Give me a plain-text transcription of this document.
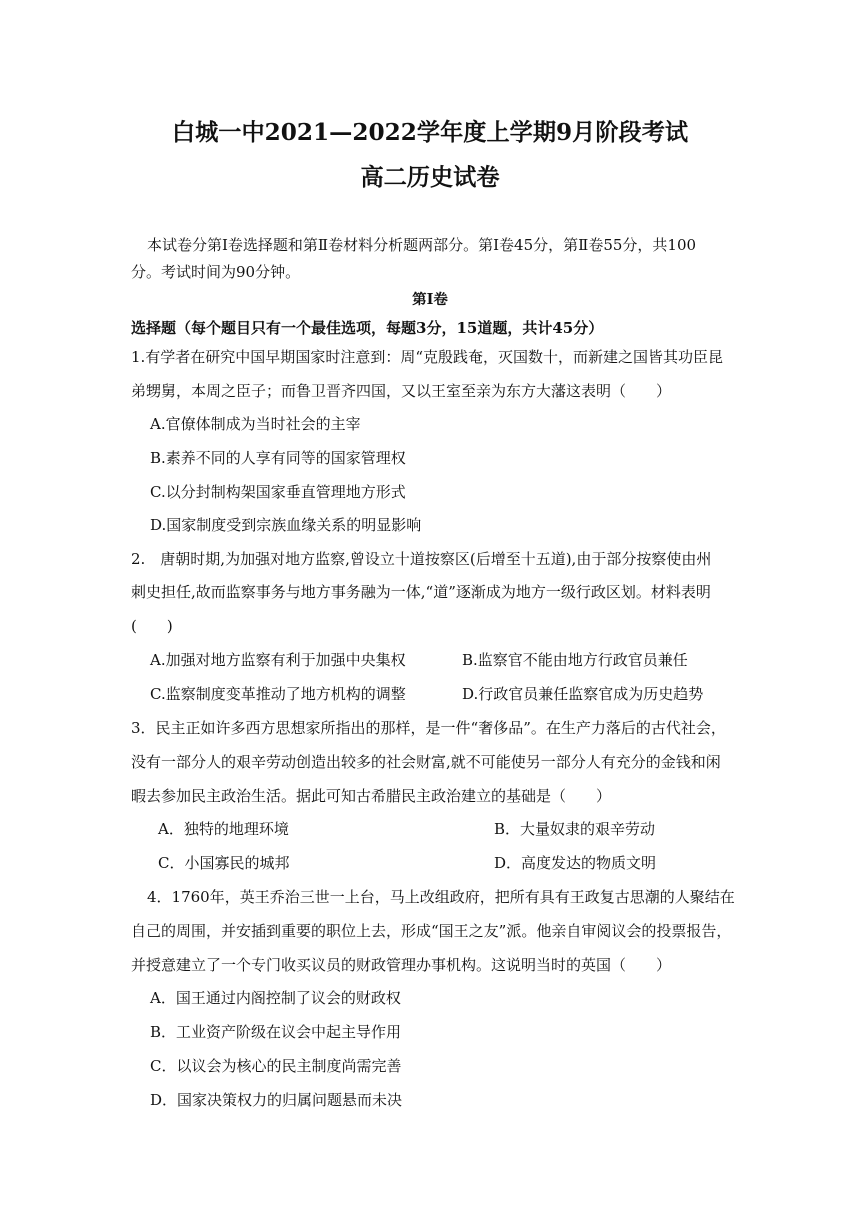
白城一中2021—2022学年度上学期9月阶段考试
高二历史试卷
本试卷分第Ⅰ卷选择题和第Ⅱ卷材料分析题两部分。第Ⅰ卷45分，第Ⅱ卷55分，共100
分。考试时间为90分钟。
第Ⅰ卷
选择题（每个题目只有一个最佳选项，每题3分，15道题，共计45分）
1.有学者在研究中国早期国家时注意到：周“克殷践奄，灭国数十，而新建之国皆其功臣昆
弟甥舅，本周之臣子；而鲁卫晋齐四国，又以王室至亲为东方大藩这表明（　　）
A.官僚体制成为当时社会的主宰
B.素养不同的人享有同等的国家管理权
C.以分封制构架国家垂直管理地方形式
D.国家制度受到宗族血缘关系的明显影响
2.　唐朝时期,为加强对地方监察,曾设立十道按察区(后增至十五道),由于部分按察使由州
刺史担任,故而监察事务与地方事务融为一体,“道”逐渐成为地方一级行政区划。材料表明
(　　)
A.加强对地方监察有利于加强中央集权	B.监察官不能由地方行政官员兼任
C.监察制度变革推动了地方机构的调整	D.行政官员兼任监察官成为历史趋势
3．民主正如许多西方思想家所指出的那样，是一件“奢侈品”。在生产力落后的古代社会，
没有一部分人的艰辛劳动创造出较多的社会财富,就不可能使另一部分人有充分的金钱和闲
暇去参加民主政治生活。据此可知古希腊民主政治建立的基础是（　　）
A．独特的地理环境	B．大量奴隶的艰辛劳动
C．小国寡民的城邦	D．高度发达的物质文明
4．1760年，英王乔治三世一上台，马上改组政府，把所有具有王政复古思潮的人聚结在
自己的周围，并安插到重要的职位上去，形成“国王之友”派。他亲自审阅议会的投票报告，
并授意建立了一个专门收买议员的财政管理办事机构。这说明当时的英国（　　）
A．国王通过内阁控制了议会的财政权
B．工业资产阶级在议会中起主导作用
C．以议会为核心的民主制度尚需完善
D．国家决策权力的归属问题悬而未决
